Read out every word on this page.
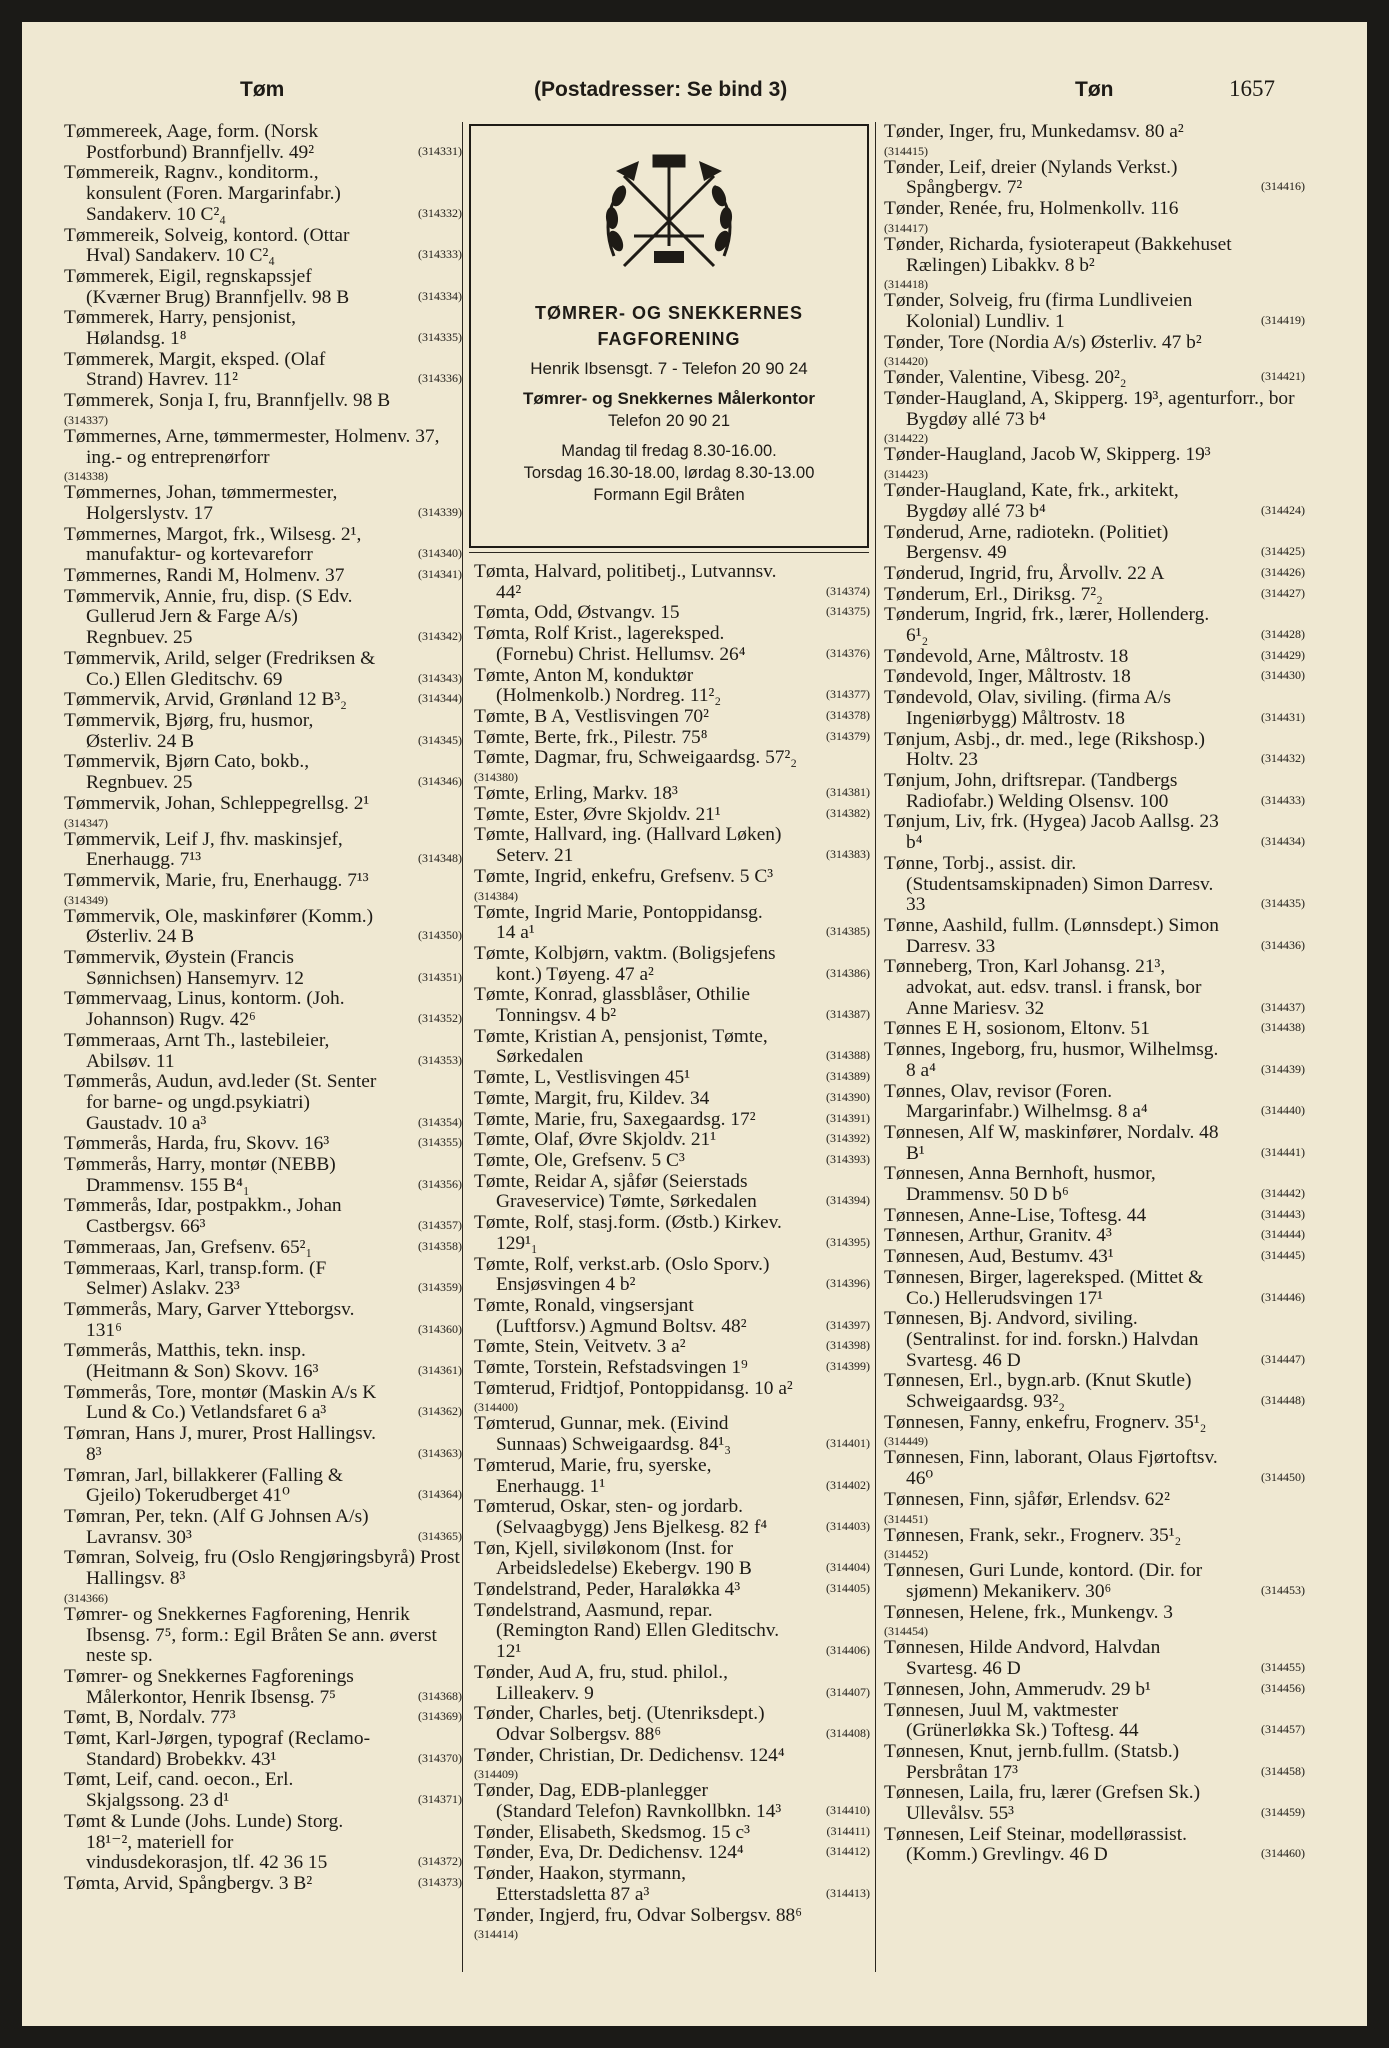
Tøm	(Postadresser: Se bind 3)	Tøn	1657
Tømmereek, Aage, form. (Norsk Postforbund) Brannfjellv. 49²	(314331)
Tømmereik, Ragnv., konditorm., konsulent (Foren. Margarinfabr.) Sandakerv. 10 C²₄	(314332)
Tømmereik, Solveig, kontord. (Ottar Hval) Sandakerv. 10 C²₄	(314333)
Tømmerek, Eigil, regnskapssjef (Kværner Brug) Brannfjellv. 98 B	(314334)
Tømmerek, Harry, pensjonist, Hølandsg. 1⁸	(314335)
Tømmerek, Margit, eksped. (Olaf Strand) Havrev. 11²	(314336)
Tømmerek, Sonja I, fru, Brannfjellv. 98 B
(314337)
Tømmernes, Arne, tømmermester, Holmenv. 37, ing.- og entreprenørforr
(314338)
Tømmernes, Johan, tømmermester, Holgerslystv. 17	(314339)
Tømmernes, Margot, frk., Wilsesg. 2¹, manufaktur- og kortevareforr	(314340)
Tømmernes, Randi M, Holmenv. 37	(314341)
Tømmervik, Annie, fru, disp. (S Edv. Gullerud Jern & Farge A/s) Regnbuev. 25	(314342)
Tømmervik, Arild, selger (Fredriksen & Co.) Ellen Gleditschv. 69	(314343)
Tømmervik, Arvid, Grønland 12 B³₂	(314344)
Tømmervik, Bjørg, fru, husmor, Østerliv. 24 B	(314345)
Tømmervik, Bjørn Cato, bokb., Regnbuev. 25	(314346)
Tømmervik, Johan, Schleppegrellsg. 2¹
(314347)
Tømmervik, Leif J, fhv. maskinsjef, Enerhaugg. 7¹³	(314348)
Tømmervik, Marie, fru, Enerhaugg. 7¹³
(314349)
Tømmervik, Ole, maskinfører (Komm.) Østerliv. 24 B	(314350)
Tømmervik, Øystein (Francis Sønnichsen) Hansemyrv. 12	(314351)
Tømmervaag, Linus, kontorm. (Joh. Johannson) Rugv. 42⁶	(314352)
Tømmeraas, Arnt Th., lastebileier, Abilsøv. 11	(314353)
Tømmerås, Audun, avd.leder (St. Senter for barne- og ungd.psykiatri) Gaustadv. 10 a³	(314354)
Tømmerås, Harda, fru, Skovv. 16³	(314355)
Tømmerås, Harry, montør (NEBB) Drammensv. 155 B⁴₁	(314356)
Tømmerås, Idar, postpakkm., Johan Castbergsv. 66³	(314357)
Tømmeraas, Jan, Grefsenv. 65²₁	(314358)
Tømmeraas, Karl, transp.form. (F Selmer) Aslakv. 23³	(314359)
Tømmerås, Mary, Garver Ytteborgsv. 131⁶	(314360)
Tømmerås, Matthis, tekn. insp. (Heitmann & Son) Skovv. 16³	(314361)
Tømmerås, Tore, montør (Maskin A/s K Lund & Co.) Vetlandsfaret 6 a³	(314362)
Tømran, Hans J, murer, Prost Hallingsv. 8³	(314363)
Tømran, Jarl, billakkerer (Falling & Gjeilo) Tokerudberget 41⁰	(314364)
Tømran, Per, tekn. (Alf G Johnsen A/s) Lavransv. 30³	(314365)
Tømran, Solveig, fru (Oslo Rengjøringsbyrå) Prost Hallingsv. 8³
(314366)
Tømrer- og Snekkernes Fagforening, Henrik Ibsensg. 7⁵, form.: Egil Bråten Se ann. øverst neste sp.
Tømrer- og Snekkernes Fagforenings Målerkontor, Henrik Ibsensg. 7⁵	(314368)
Tømt, B, Nordalv. 77³	(314369)
Tømt, Karl-Jørgen, typograf (Reclamo-Standard) Brobekkv. 43¹	(314370)
Tømt, Leif, cand. oecon., Erl. Skjalgssong. 23 d¹	(314371)
Tømt & Lunde (Johs. Lunde) Storg. 18¹⁻², materiell for vindusdekorasjon, tlf. 42 36 15	(314372)
Tømta, Arvid, Spångbergv. 3 B²	(314373)
TØMRER- OG SNEKKERNES
FAGFORENING
Henrik Ibsensgt. 7 - Telefon 20 90 24
Tømrer- og Snekkernes Målerkontor
Telefon 20 90 21
Mandag til fredag 8.30-16.00.
Torsdag 16.30-18.00, lørdag 8.30-13.00
Formann Egil Bråten
Tømta, Halvard, politibetj., Lutvannsv. 44²	(314374)
Tømta, Odd, Østvangv. 15	(314375)
Tømta, Rolf Krist., lagereksped. (Fornebu) Christ. Hellumsv. 26⁴	(314376)
Tømte, Anton M, konduktør (Holmenkolb.) Nordreg. 11²₂	(314377)
Tømte, B A, Vestlisvingen 70²	(314378)
Tømte, Berte, frk., Pilestr. 75⁸	(314379)
Tømte, Dagmar, fru, Schweigaardsg. 57²₂
(314380)
Tømte, Erling, Markv. 18³	(314381)
Tømte, Ester, Øvre Skjoldv. 21¹	(314382)
Tømte, Hallvard, ing. (Hallvard Løken) Seterv. 21	(314383)
Tømte, Ingrid, enkefru, Grefsenv. 5 C³
(314384)
Tømte, Ingrid Marie, Pontoppidansg. 14 a¹	(314385)
Tømte, Kolbjørn, vaktm. (Boligsjefens kont.) Tøyeng. 47 a²	(314386)
Tømte, Konrad, glassblåser, Othilie Tonningsv. 4 b²	(314387)
Tømte, Kristian A, pensjonist, Tømte, Sørkedalen	(314388)
Tømte, L, Vestlisvingen 45¹	(314389)
Tømte, Margit, fru, Kildev. 34	(314390)
Tømte, Marie, fru, Saxegaardsg. 17²	(314391)
Tømte, Olaf, Øvre Skjoldv. 21¹	(314392)
Tømte, Ole, Grefsenv. 5 C³	(314393)
Tømte, Reidar A, sjåfør (Seierstads Graveservice) Tømte, Sørkedalen	(314394)
Tømte, Rolf, stasj.form. (Østb.) Kirkev. 129¹₁	(314395)
Tømte, Rolf, verkst.arb. (Oslo Sporv.) Ensjøsvingen 4 b²	(314396)
Tømte, Ronald, vingsersjant (Luftforsv.) Agmund Boltsv. 48²	(314397)
Tømte, Stein, Veitvetv. 3 a²	(314398)
Tømte, Torstein, Refstadsvingen 1⁹	(314399)
Tømterud, Fridtjof, Pontoppidansg. 10 a²
(314400)
Tømterud, Gunnar, mek. (Eivind Sunnaas) Schweigaardsg. 84¹₃	(314401)
Tømterud, Marie, fru, syerske, Enerhaugg. 1¹	(314402)
Tømterud, Oskar, sten- og jordarb. (Selvaagbygg) Jens Bjelkesg. 82 f⁴	(314403)
Tøn, Kjell, siviløkonom (Inst. for Arbeidsledelse) Ekebergv. 190 B	(314404)
Tøndelstrand, Peder, Haraløkka 4³	(314405)
Tøndelstrand, Aasmund, repar. (Remington Rand) Ellen Gleditschv. 12¹	(314406)
Tønder, Aud A, fru, stud. philol., Lilleakerv. 9	(314407)
Tønder, Charles, betj. (Utenriksdept.) Odvar Solbergsv. 88⁶	(314408)
Tønder, Christian, Dr. Dedichensv. 124⁴
(314409)
Tønder, Dag, EDB-planlegger (Standard Telefon) Ravnkollbkn. 14³	(314410)
Tønder, Elisabeth, Skedsmog. 15 c³	(314411)
Tønder, Eva, Dr. Dedichensv. 124⁴	(314412)
Tønder, Haakon, styrmann, Etterstadsletta 87 a³	(314413)
Tønder, Ingjerd, fru, Odvar Solbergsv. 88⁶
(314414)
Tønder, Inger, fru, Munkedamsv. 80 a²
(314415)
Tønder, Leif, dreier (Nylands Verkst.) Spångbergv. 7²	(314416)
Tønder, Renée, fru, Holmenkollv. 116
(314417)
Tønder, Richarda, fysioterapeut (Bakkehuset Rælingen) Libakkv. 8 b²
(314418)
Tønder, Solveig, fru (firma Lundliveien Kolonial) Lundliv. 1	(314419)
Tønder, Tore (Nordia A/s) Østerliv. 47 b²
(314420)
Tønder, Valentine, Vibesg. 20²₂	(314421)
Tønder-Haugland, A, Skipperg. 19³, agenturforr., bor Bygdøy allé 73 b⁴
(314422)
Tønder-Haugland, Jacob W, Skipperg. 19³
(314423)
Tønder-Haugland, Kate, frk., arkitekt, Bygdøy allé 73 b⁴	(314424)
Tønderud, Arne, radiotekn. (Politiet) Bergensv. 49	(314425)
Tønderud, Ingrid, fru, Årvollv. 22 A	(314426)
Tønderum, Erl., Diriksg. 7²₂	(314427)
Tønderum, Ingrid, frk., lærer, Hollenderg. 6¹₂	(314428)
Tøndevold, Arne, Måltrostv. 18	(314429)
Tøndevold, Inger, Måltrostv. 18	(314430)
Tøndevold, Olav, siviling. (firma A/s Ingeniørbygg) Måltrostv. 18	(314431)
Tønjum, Asbj., dr. med., lege (Rikshosp.) Holtv. 23	(314432)
Tønjum, John, driftsrepar. (Tandbergs Radiofabr.) Welding Olsensv. 100	(314433)
Tønjum, Liv, frk. (Hygea) Jacob Aallsg. 23 b⁴	(314434)
Tønne, Torbj., assist. dir. (Studentsamskipnaden) Simon Darresv. 33	(314435)
Tønne, Aashild, fullm. (Lønnsdept.) Simon Darresv. 33	(314436)
Tønneberg, Tron, Karl Johansg. 21³, advokat, aut. edsv. transl. i fransk, bor Anne Mariesv. 32	(314437)
Tønnes E H, sosionom, Eltonv. 51	(314438)
Tønnes, Ingeborg, fru, husmor, Wilhelmsg. 8 a⁴	(314439)
Tønnes, Olav, revisor (Foren. Margarinfabr.) Wilhelmsg. 8 a⁴	(314440)
Tønnesen, Alf W, maskinfører, Nordalv. 48 B¹	(314441)
Tønnesen, Anna Bernhoft, husmor, Drammensv. 50 D b⁶	(314442)
Tønnesen, Anne-Lise, Toftesg. 44	(314443)
Tønnesen, Arthur, Granitv. 4³	(314444)
Tønnesen, Aud, Bestumv. 43¹	(314445)
Tønnesen, Birger, lagereksped. (Mittet & Co.) Hellerudsvingen 17¹	(314446)
Tønnesen, Bj. Andvord, siviling. (Sentralinst. for ind. forskn.) Halvdan Svartesg. 46 D	(314447)
Tønnesen, Erl., bygn.arb. (Knut Skutle) Schweigaardsg. 93²₂	(314448)
Tønnesen, Fanny, enkefru, Frognerv. 35¹₂
(314449)
Tønnesen, Finn, laborant, Olaus Fjørtoftsv. 46⁰	(314450)
Tønnesen, Finn, sjåfør, Erlendsv. 62²
(314451)
Tønnesen, Frank, sekr., Frognerv. 35¹₂
(314452)
Tønnesen, Guri Lunde, kontord. (Dir. for sjømenn) Mekanikerv. 30⁶	(314453)
Tønnesen, Helene, frk., Munkengv. 3
(314454)
Tønnesen, Hilde Andvord, Halvdan Svartesg. 46 D	(314455)
Tønnesen, John, Ammerudv. 29 b¹	(314456)
Tønnesen, Juul M, vaktmester (Grünerløkka Sk.) Toftesg. 44	(314457)
Tønnesen, Knut, jernb.fullm. (Statsb.) Persbråtan 17³	(314458)
Tønnesen, Laila, fru, lærer (Grefsen Sk.) Ullevålsv. 55³	(314459)
Tønnesen, Leif Steinar, modellørassist. (Komm.) Grevlingv. 46 D	(314460)
